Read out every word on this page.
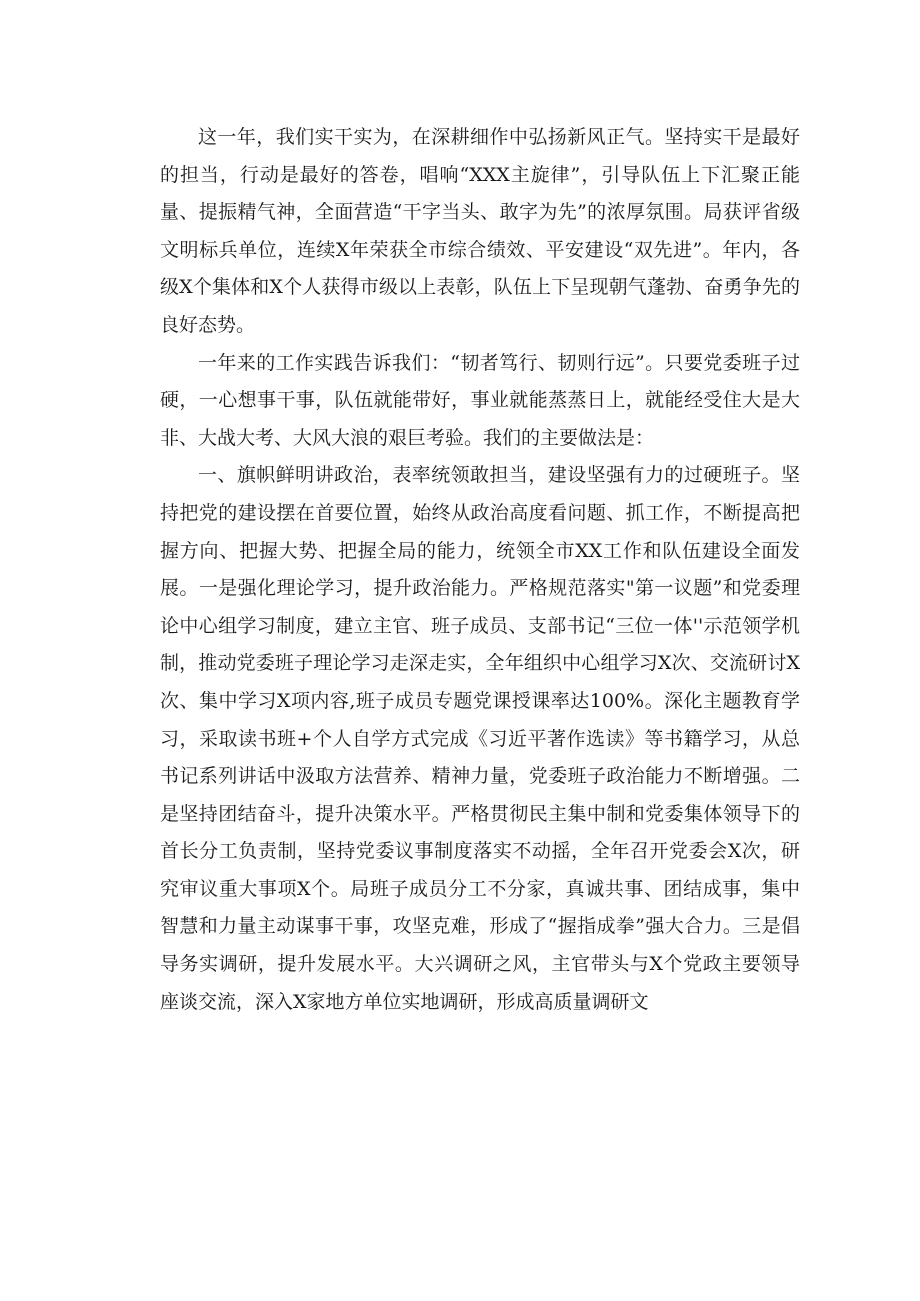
这一年，我们实干实为，在深耕细作中弘扬新风正气。坚持实干是最好的担当，行动是最好的答卷，唱响“XXX主旋律”，引导队伍上下汇聚正能量、提振精气神，全面营造“干字当头、敢字为先”的浓厚氛围。局获评省级文明标兵单位，连续X年荣获全市综合绩效、平安建设“双先进”。年内，各级X个集体和X个人获得市级以上表彰，队伍上下呈现朝气蓬勃、奋勇争先的良好态势。

一年来的工作实践告诉我们：“韧者笃行、韧则行远”。只要党委班子过硬，一心想事干事，队伍就能带好，事业就能蒸蒸日上，就能经受住大是大非、大战大考、大风大浪的艰巨考验。我们的主要做法是：

一、旗帜鲜明讲政治，表率统领敢担当，建设坚强有力的过硬班子。坚持把党的建设摆在首要位置，始终从政治高度看问题、抓工作，不断提高把握方向、把握大势、把握全局的能力，统领全市XX工作和队伍建设全面发展。一是强化理论学习，提升政治能力。严格规范落实"第一议题”和党委理论中心组学习制度，建立主官、班子成员、支部书记“三位一体''示范领学机制，推动党委班子理论学习走深走实，全年组织中心组学习X次、交流研讨X次、集中学习X项内容,班子成员专题党课授课率达100%。深化主题教育学习，采取读书班+个人自学方式完成《习近平著作选读》等书籍学习，从总书记系列讲话中汲取方法营养、精神力量，党委班子政治能力不断增强。二是坚持团结奋斗，提升决策水平。严格贯彻民主集中制和党委集体领导下的首长分工负责制，坚持党委议事制度落实不动摇，全年召开党委会X次，研究审议重大事项X个。局班子成员分工不分家，真诚共事、团结成事，集中智慧和力量主动谋事干事，攻坚克难，形成了“握指成拳”强大合力。三是倡导务实调研，提升发展水平。大兴调研之风，主官带头与X个党政主要领导座谈交流，深入X家地方单位实地调研，形成高质量调研文
